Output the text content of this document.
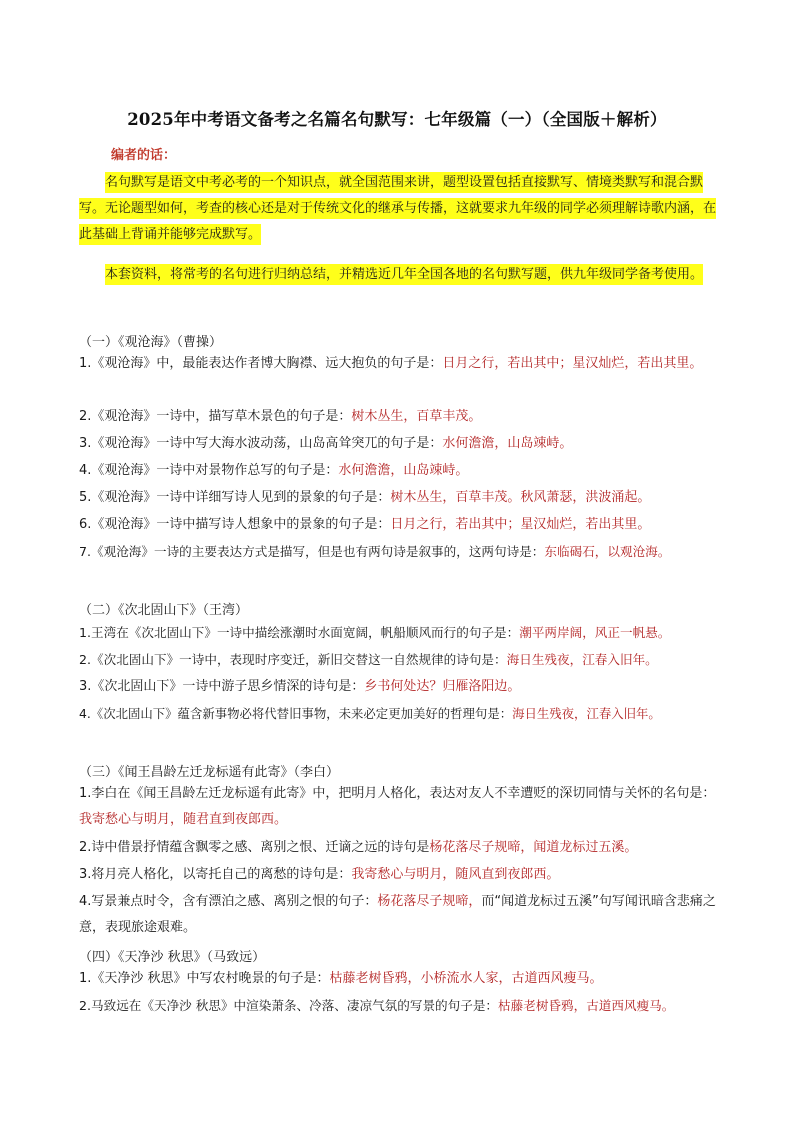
2025年中考语文备考之名篇名句默写：七年级篇（一）（全国版＋解析）
编者的话：
名句默写是语文中考必考的一个知识点，就全国范围来讲，题型设置包括直接默写、情境类默写和混合默写。无论题型如何，考查的核心还是对于传统文化的继承与传播，这就要求九年级的同学必须理解诗歌内涵，在此基础上背诵并能够完成默写。
本套资料，将常考的名句进行归纳总结，并精选近几年全国各地的名句默写题，供九年级同学备考使用。
（一）《观沧海》（曹操）
1.《观沧海》中，最能表达作者博大胸襟、远大抱负的句子是：日月之行，若出其中；星汉灿烂，若出其里。
2.《观沧海》一诗中，描写草木景色的句子是：树木丛生，百草丰茂。
3.《观沧海》一诗中写大海水波动荡，山岛高耸突兀的句子是：水何澹澹，山岛竦峙。
4.《观沧海》一诗中对景物作总写的句子是：水何澹澹，山岛竦峙。
5.《观沧海》一诗中详细写诗人见到的景象的句子是：树木丛生，百草丰茂。秋风萧瑟，洪波涌起。
6.《观沧海》一诗中描写诗人想象中的景象的句子是：日月之行，若出其中；星汉灿烂，若出其里。
7.《观沧海》一诗的主要表达方式是描写，但是也有两句诗是叙事的，这两句诗是：东临碣石，以观沧海。
（二）《次北固山下》（王湾）
1.王湾在《次北固山下》一诗中描绘涨潮时水面宽阔，帆船顺风而行的句子是：潮平两岸阔，风正一帆悬。
2.《次北固山下》一诗中，表现时序变迁，新旧交替这一自然规律的诗句是：海日生残夜，江春入旧年。
3.《次北固山下》一诗中游子思乡情深的诗句是：乡书何处达？归雁洛阳边。
4.《次北固山下》蕴含新事物必将代替旧事物，未来必定更加美好的哲理句是：海日生残夜，江春入旧年。
（三）《闻王昌龄左迁龙标遥有此寄》（李白）
1.李白在《闻王昌龄左迁龙标遥有此寄》中，把明月人格化，表达对友人不幸遭贬的深切同情与关怀的名句是：我寄愁心与明月，随君直到夜郎西。
2.诗中借景抒情蕴含飘零之感、离别之恨、迁谪之远的诗句是杨花落尽子规啼，闻道龙标过五溪。
3.将月亮人格化，以寄托自己的离愁的诗句是：我寄愁心与明月，随风直到夜郎西。
4.写景兼点时令，含有漂泊之感、离别之恨的句子：杨花落尽子规啼，而“闻道龙标过五溪”句写闻讯暗含悲痛之意，表现旅途艰难。
（四）《天净沙 秋思》（马致远）
1.《天净沙 秋思》中写农村晚景的句子是：枯藤老树昏鸦，小桥流水人家，古道西风瘦马。
2.马致远在《天净沙 秋思》中渲染萧条、冷落、凄凉气氛的写景的句子是：枯藤老树昏鸦，古道西风瘦马。
